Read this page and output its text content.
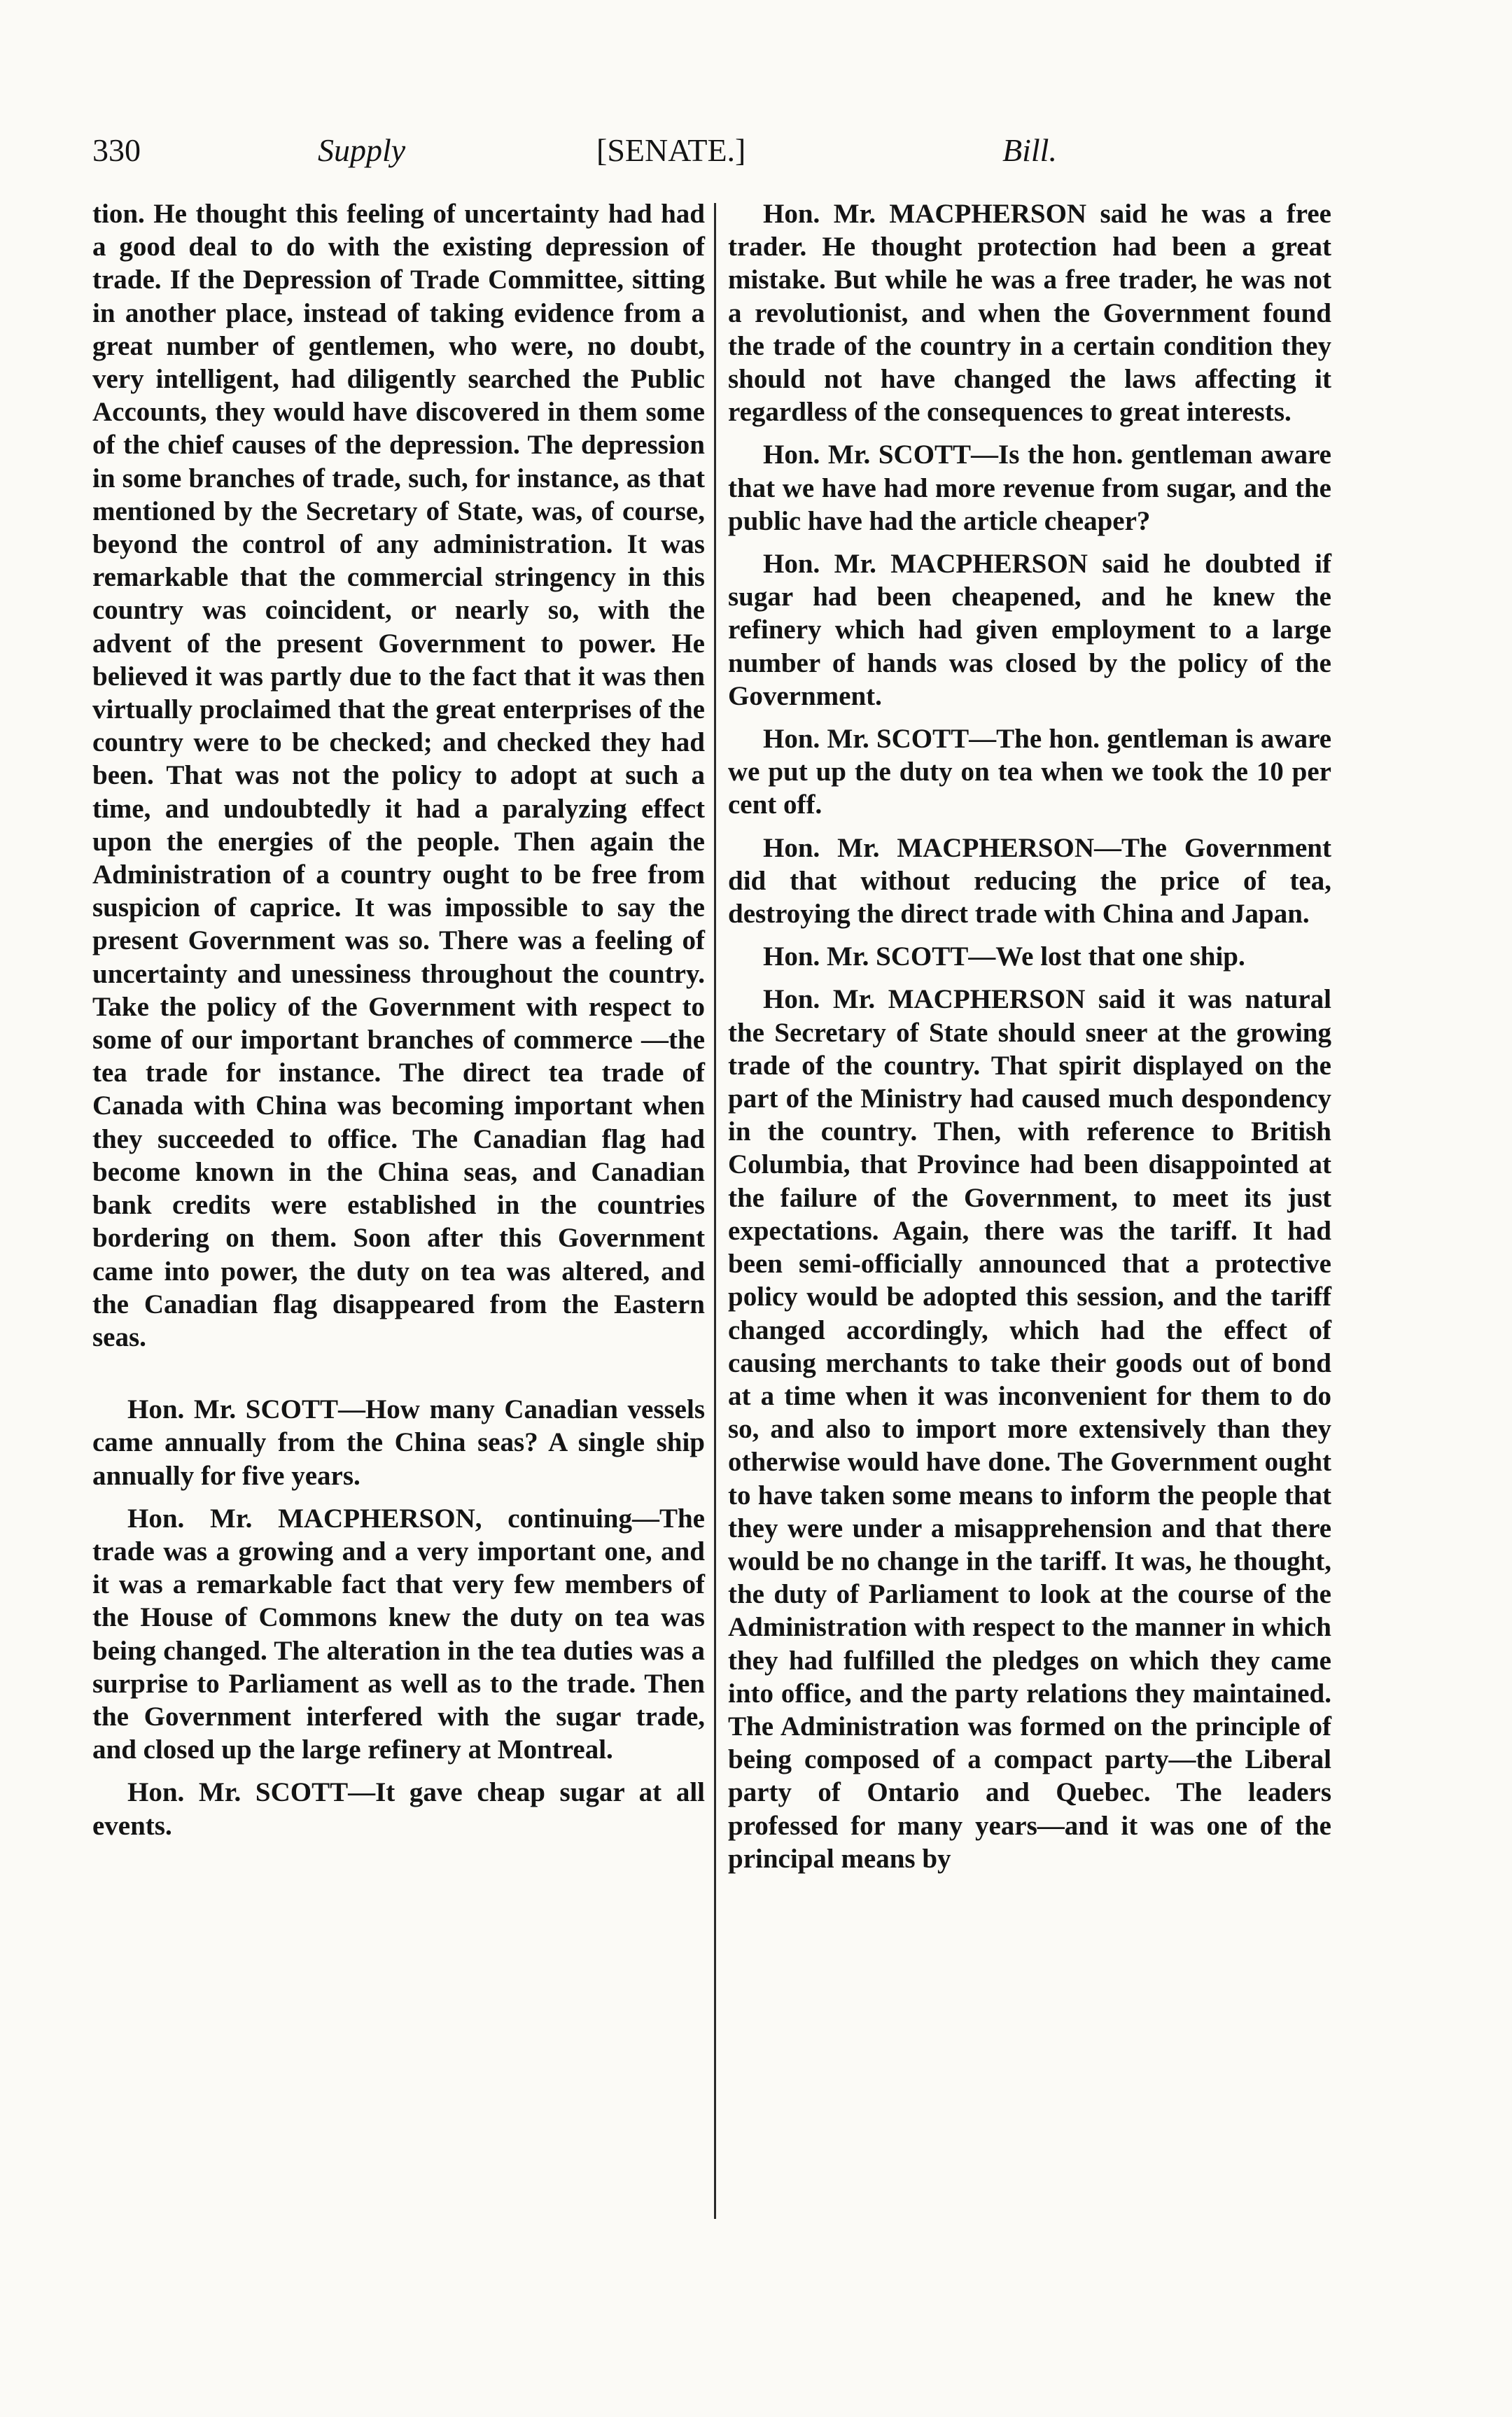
330	Supply	[SENATE.]	Bill.

tion. He thought this feeling of uncertainty had had a good deal to do with the existing depression of trade. If the Depression of Trade Committee, sitting in another place, instead of taking evidence from a great number of gentlemen, who were, no doubt, very intelligent, had diligently searched the Public Accounts, they would have discovered in them some of the chief causes of the depression. The depression in some branches of trade, such, for instance, as that mentioned by the Secretary of State, was, of course, beyond the control of any administration. It was remarkable that the commercial stringency in this country was coincident, or nearly so, with the advent of the present Government to power. He believed it was partly due to the fact that it was then virtually proclaimed that the great enterprises of the country were to be checked; and checked they had been. That was not the policy to adopt at such a time, and undoubtedly it had a paralyzing effect upon the energies of the people. Then again the Administration of a country ought to be free from suspicion of caprice. It was impossible to say the present Government was so. There was a feeling of uncertainty and unessiness throughout the country. Take the policy of the Government with respect to some of our important branches of commerce —the tea trade for instance. The direct tea trade of Canada with China was becoming important when they succeeded to office. The Canadian flag had become known in the China seas, and Canadian bank credits were established in the countries bordering on them. Soon after this Government came into power, the duty on tea was altered, and the Canadian flag disappeared from the Eastern seas.

Hon. Mr. SCOTT—How many Canadian vessels came annually from the China seas? A single ship annually for five years.

Hon. Mr. MACPHERSON, continuing—The trade was a growing and a very important one, and it was a remarkable fact that very few members of the House of Commons knew the duty on tea was being changed. The alteration in the tea duties was a surprise to Parliament as well as to the trade. Then the Government interfered with the sugar trade, and closed up the large refinery at Montreal.

Hon. Mr. SCOTT—It gave cheap sugar at all events.

Hon. Mr. MACPHERSON said he was a free trader. He thought protection had been a great mistake. But while he was a free trader, he was not a revolutionist, and when the Government found the trade of the country in a certain condition they should not have changed the laws affecting it regardless of the consequences to great interests.

Hon. Mr. SCOTT—Is the hon. gentleman aware that we have had more revenue from sugar, and the public have had the article cheaper?

Hon. Mr. MACPHERSON said he doubted if sugar had been cheapened, and he knew the refinery which had given employment to a large number of hands was closed by the policy of the Government.

Hon. Mr. SCOTT—The hon. gentleman is aware we put up the duty on tea when we took the 10 per cent off.

Hon. Mr. MACPHERSON—The Government did that without reducing the price of tea, destroying the direct trade with China and Japan.

Hon. Mr. SCOTT—We lost that one ship.

Hon. Mr. MACPHERSON said it was natural the Secretary of State should sneer at the growing trade of the country. That spirit displayed on the part of the Ministry had caused much despondency in the country. Then, with reference to British Columbia, that Province had been disappointed at the failure of the Government, to meet its just expectations. Again, there was the tariff. It had been semi-officially announced that a protective policy would be adopted this session, and the tariff changed accordingly, which had the effect of causing merchants to take their goods out of bond at a time when it was inconvenient for them to do so, and also to import more extensively than they otherwise would have done. The Government ought to have taken some means to inform the people that they were under a misapprehension and that there would be no change in the tariff. It was, he thought, the duty of Parliament to look at the course of the Administration with respect to the manner in which they had fulfilled the pledges on which they came into office, and the party relations they maintained. The Administration was formed on the principle of being composed of a compact party—the Liberal party of Ontario and Quebec. The leaders professed for many years—and it was one of the principal means by
